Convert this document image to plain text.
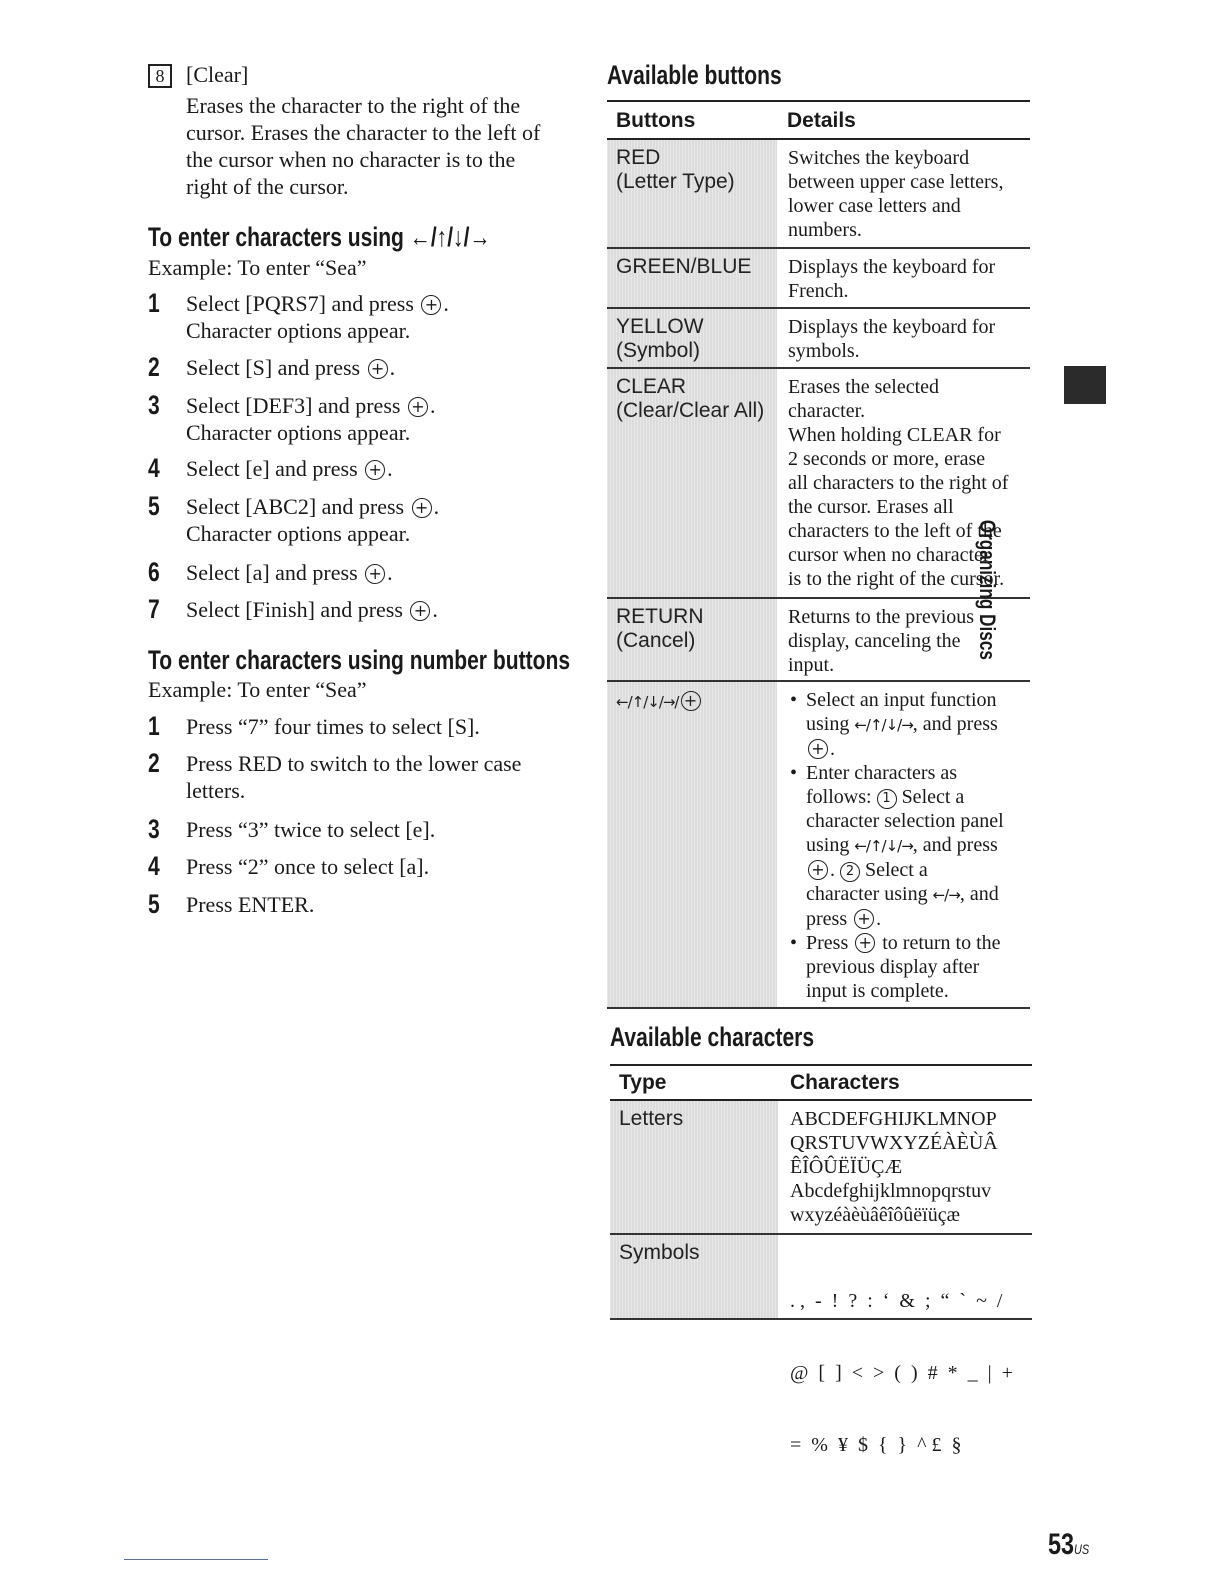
8 [Clear]
Erases the character to the right of the
cursor. Erases the character to the left of
the cursor when no character is to the
right of the cursor.
To enter characters using ←/↑/↓/→
Example: To enter “Sea”
1	Select [PQRS7] and press + .
Character options appear.
2	Select [S] and press + .
3	Select [DEF3] and press + .
Character options appear.
4	Select [e] and press + .
5	Select [ABC2] and press + .
Character options appear.
6	Select [a] and press + .
7	Select [Finish] and press + .
To enter characters using number buttons
Example: To enter “Sea”
1	Press “7” four times to select [S].
2	Press RED to switch to the lower case
letters.
3	Press “3” twice to select [e].
4	Press “2” once to select [a].
5	Press ENTER.
Available buttons
Buttons	Details
RED
(Letter Type)
Switches the keyboard
between upper case letters,
lower case letters and
numbers.
GREEN/BLUE Displays the keyboard for
French.
YELLOW
(Symbol)
Displays the keyboard for
symbols.
CLEAR
(Clear/Clear All)
Erases the selected
character.
When holding CLEAR for
2 seconds or more, erase
all characters to the right of
the cursor. Erases all
characters to the left of the
cursor when no character
is to the right of the cursor.
RETURN
(Cancel)
Returns to the previous
display, canceling the
input.
←/↑/↓/→/ +
•	Select an input function
using ←/↑/↓/→, and press
+ .
• Enter characters as
follows: 1 Select a
character selection panel
using ←/↑/↓/→, and press
+ . 2 Select a
character using ←/→, and
press + .
• Press + to return to the
previous display after
input is complete.
Available characters
Type	Characters
Letters	ABCDEFGHIJKLMNOP
QRSTUVWXYZÉÀÈÙÂ
ÊÎÔÛËÏÜÇÆ
Abcdefghijklmnopqrstuv
wxyzéàèùâêîôûëïüçæ
Symbols

. ,  -  !  ?  :  ‘  &  ;  “  `  ~  /

@  [  ]  <  >  (  )  #  *  _  |  +

=  %  ¥  $  {  }  ^ £  §

Organizing Discs
53US
